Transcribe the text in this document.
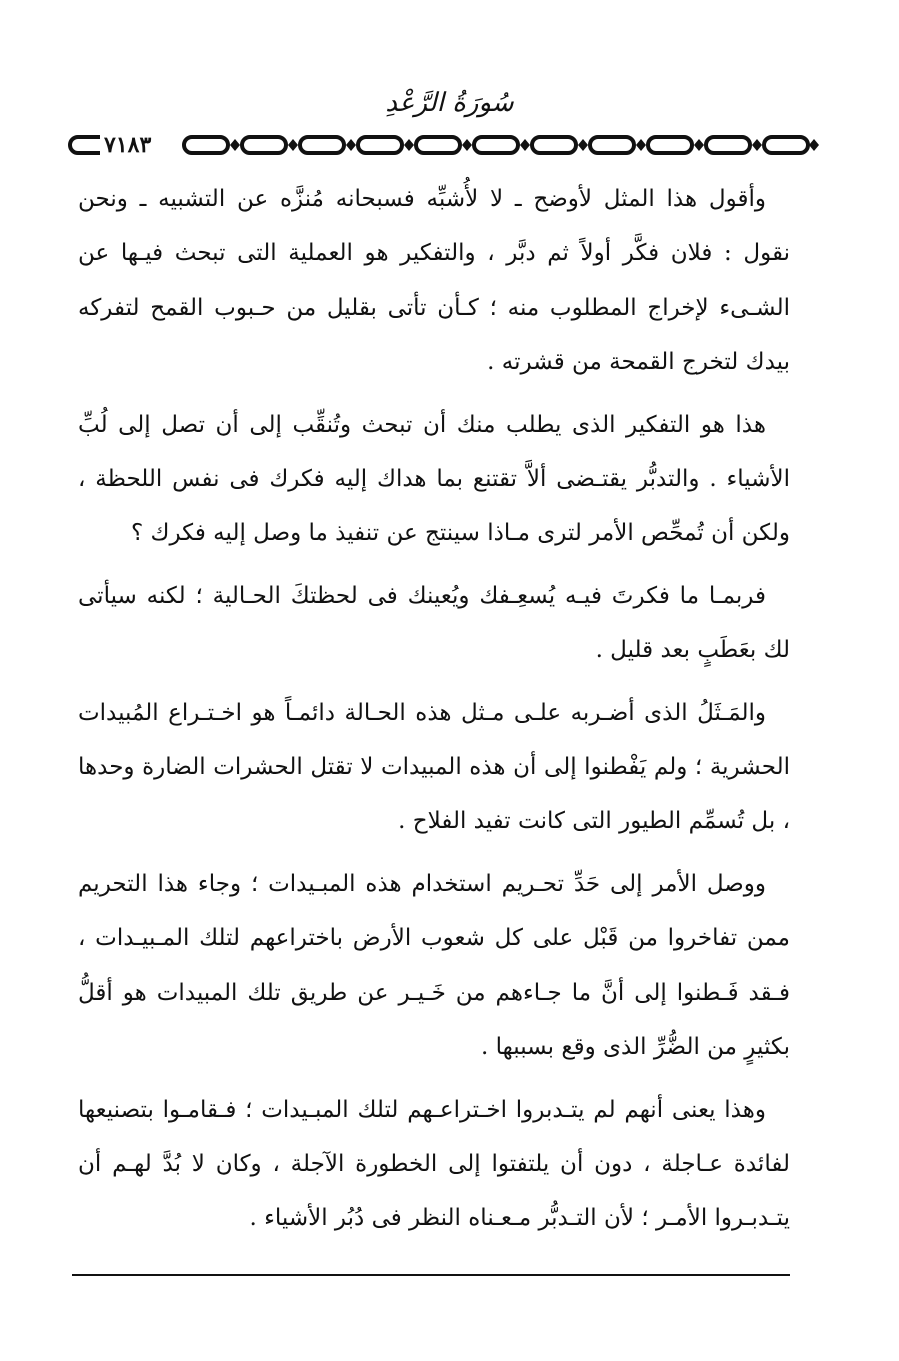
سُورَةُ الرَّعْدِ
٧١٨٣

وأقول هذا المثل لأوضح ـ لا لأُشبِّه فسبحانه مُنزَّه عن التشبيه ـ ونحن نقول : فلان فكَّر أولاً ثم دبَّر ، والتفكير هو العملية التى تبحث فيـها عن الشـىء لإخراج المطلوب منه ؛ كـأن تأتى بقليل من حـبوب القمح لتفركه بيدك لتخرج القمحة من قشرته .

هذا هو التفكير الذى يطلب منك أن تبحث وتُنقِّب إلى أن تصل إلى لُبِّ الأشياء . والتدبُّر يقتـضى ألاَّ تقتنع بما هداك إليه فكرك فى نفس اللحظة ، ولكن أن تُمحِّص الأمر لترى مـاذا سينتج عن تنفيذ ما وصل إليه فكرك ؟

فربمـا ما فكرتَ فيـه يُسعِـفك ويُعينك فى لحظتكَ الحـالية ؛ لكنه سيأتى لك بعَطَبٍ بعد قليل .

والمَـثَلُ الذى أضـربه علـى مـثل هذه الحـالة دائمـاً هو اخـتـراع المُبيدات الحشرية ؛ ولم يَفْطنوا إلى أن هذه المبيدات لا تقتل الحشرات الضارة وحدها ، بل تُسمِّم الطيور التى كانت تفيد الفلاح .

ووصل الأمر إلى حَدِّ تحـريم استخدام هذه المبـيدات ؛ وجاء هذا التحريم ممن تفاخروا من قَبْل على كل شعوب الأرض باختراعهم لتلك المـبيـدات ، فـقد فَـطنوا إلى أنَّ ما جـاءهم من خَـيـر عن طريق تلك المبيدات هو أقلُّ بكثيرٍ من الضُّرِّ الذى وقع بسببها .

وهذا يعنى أنهم لم يتـدبروا اخـتراعـهم لتلك المبـيدات ؛ فـقامـوا بتصنيعها لفائدة عـاجلة ، دون أن يلتفتوا إلى الخطورة الآجلة ، وكان لا بُدَّ لهـم أن يتـدبـروا الأمـر ؛ لأن التـدبُّر مـعـناه النظر فى دُبُر الأشياء .
